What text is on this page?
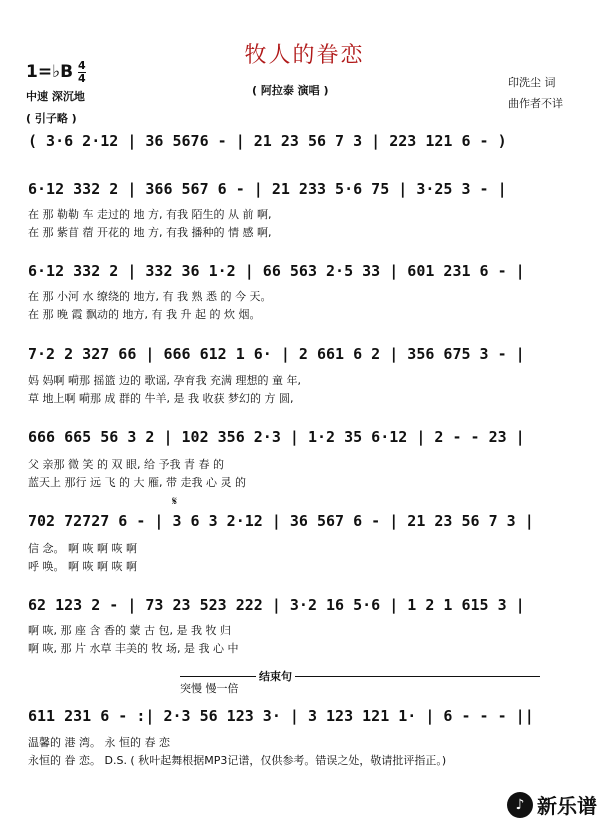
牧人的眷恋
1=♭B 4
4
中速 深沉地	( 阿拉泰 演唱 )
印洗尘 词
曲作者不详
( 引子略 )
( 3·6 2·12 | 36 5676 - | 21 23 56 7 3 | 223 121 6 - )
6·12 332 2 | 366 567 6 - | 21 233 5·6 75 | 3·25 3 - |
在 那 勒勒 车 走过的 地 方, 有我 陌生的 从 前 啊,
在 那 紫苜 蓿 开花的 地 方, 有我 播种的 情 感 啊,
6·12 332 2 | 332 36 1·2 | 66 563 2·5 33 | 601 231 6 - |
在 那 小河 水 缭绕的 地方, 有 我 熟 悉 的 今 天。
在 那 晚 霞 飘动的 地方, 有 我 升 起 的 炊 烟。
7·2 2 327 66 | 666 612 1 6· | 2 661 6 2 | 356 675 3 - |
妈 妈啊 嗬那 摇篮 边的 歌谣, 孕育我 充满 理想的 童 年,
草 地上啊 嗬那 成 群的 牛羊, 是 我 收获 梦幻的 方 圆,
666 665 56 3 2 | 102 356 2·3 | 1·2 35 6·12 | 2 - - 23 |
父 亲那 微 笑 的 双 眼, 给 予我 青 春 的
蓝天上 那行 远 飞 的 大 雁, 带 走我 心 灵 的
𝄋
702 72727 6 - | 3 6 3 2·12 | 36 567 6 - | 21 23 56 7 3 |
信 念。 啊 咴 啊 咴 啊
呼 唤。 啊 咴 啊 咴 啊
62 123 2 - | 73 23 523 222 | 3·2 16 5·6 | 1 2 1 615 3 |
啊 咴, 那 座 含 香的 蒙 古 包, 是 我 牧 归
啊 咴, 那 片 水草 丰美的 牧 场, 是 我 心 中
结束句
突慢 慢一倍
611 231 6 - :| 2·3 56 123 3· | 3 123 121 1· | 6 - - - ||
温馨的 港 湾。 永 恒的 春 恋
永恒的 眷 恋。 D.S. ( 秋叶起舞根据MP3记谱，仅供参考。错误之处，敬请批评指正。)
♪ 新乐谱
